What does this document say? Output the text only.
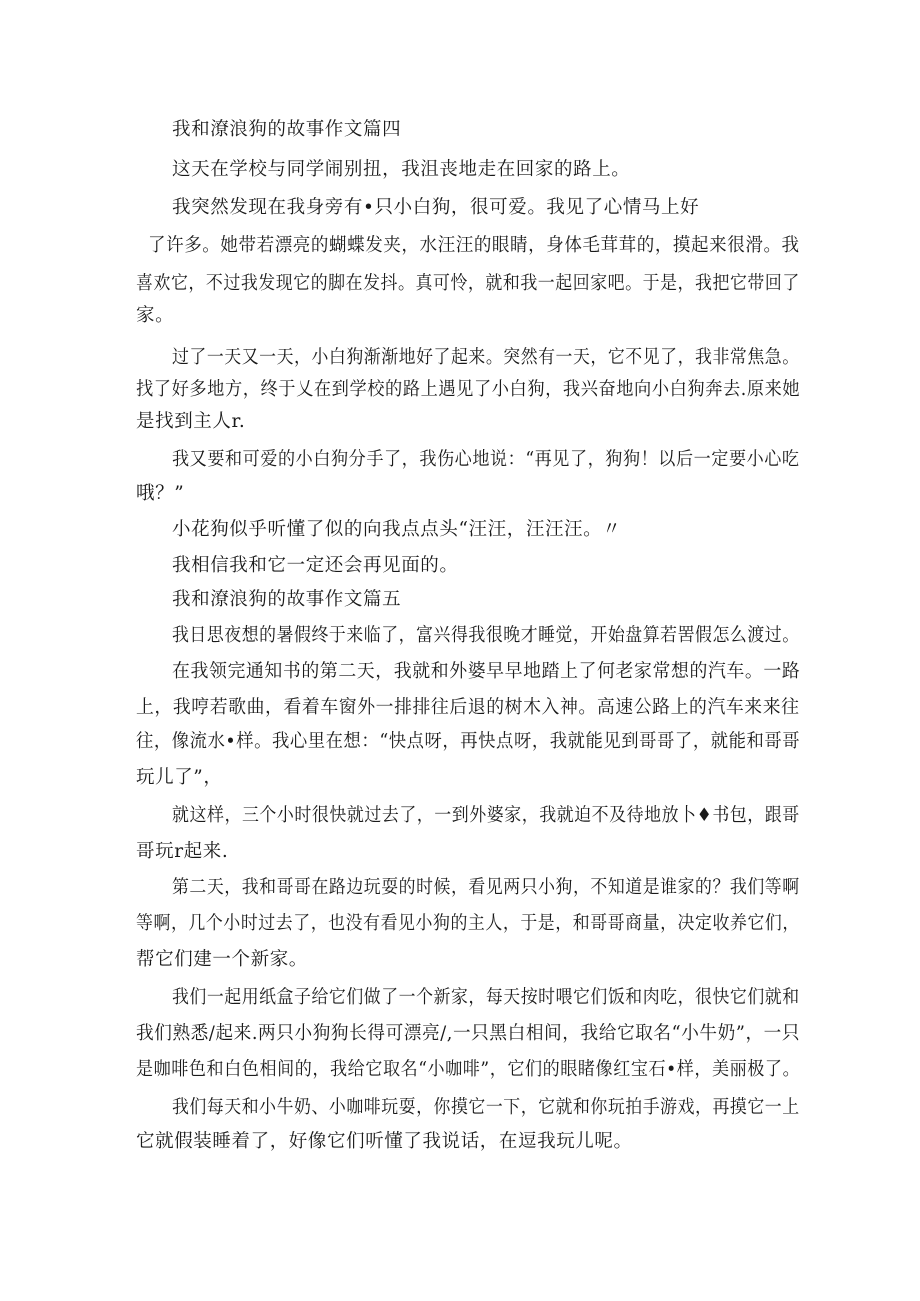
我和潦浪狗的故事作文篇四
这天在学校与同学闹别扭，我沮丧地走在回家的路上。
我突然发现在我身旁有•只小白狗，很可爱。我见了心情马上好
了许多。她带若漂亮的蝴蝶发夹，水汪汪的眼睛，身体毛茸茸的，摸起来很滑。我
喜欢它，不过我发现它的脚在发抖。真可怜，就和我一起回家吧。于是，我把它带回了
家。
过了一天又一天，小白狗渐渐地好了起来。突然有一天，它不见了，我非常焦急。
找了好多地方，终于乂在到学校的路上遇见了小白狗，我兴奋地向小白狗奔去.原来她
是找到主人r.
我又要和可爱的小白狗分手了，我伤心地说：“再见了，狗狗！以后一定要小心吃
哦？”
小花狗似乎听懂了似的向我点点头“汪汪，汪汪汪。〃
我相信我和它一定还会再见面的。
我和潦浪狗的故事作文篇五
我日思夜想的暑假终于来临了，富兴得我很晚才睡觉，开始盘算若罟假怎么渡过。
在我领完通知书的第二天，我就和外婆早早地踏上了何老家常想的汽车。一路
上，我哼若歌曲，看着车窗外一排排往后退的树木入神。高速公路上的汽车来来往
往，像流水•样。我心里在想：“快点呀，再快点呀，我就能见到哥哥了，就能和哥哥
玩儿了”，
就这样，三个小时很快就过去了，一到外婆家，我就迫不及待地放卜♦书包，跟哥
哥玩r起来.
第二天，我和哥哥在路边玩耍的时候，看见两只小狗，不知道是谁家的？我们等啊
等啊，几个小时过去了，也没有看见小狗的主人，于是，和哥哥商量，决定收养它们，
帮它们建一个新家。
我们一起用纸盒子给它们做了一个新家，每天按时喂它们饭和肉吃，很快它们就和
我们熟悉/起来.两只小狗狗长得可漂亮/,一只黑白相间，我给它取名“小牛奶”，一只
是咖啡色和白色相间的，我给它取名“小咖啡”，它们的眼睹像红宝石•样，美丽极了。
我们每天和小牛奶、小咖啡玩耍，你摸它一下，它就和你玩拍手游戏，再摸它一上
它就假装睡着了，好像它们听懂了我说话，在逗我玩儿呢。
